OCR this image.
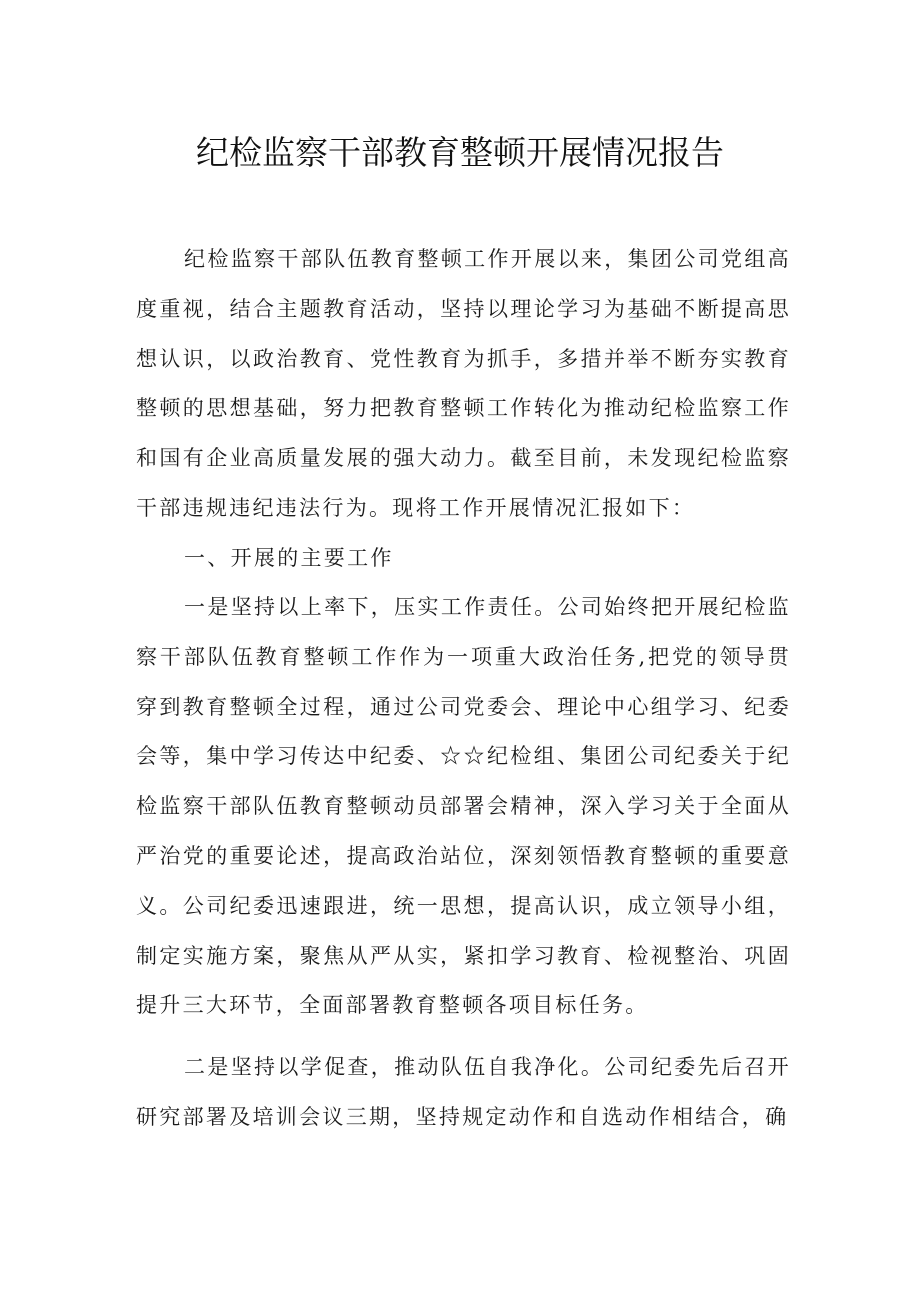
纪检监察干部教育整顿开展情况报告

纪检监察干部队伍教育整顿工作开展以来，集团公司党组高度重视，结合主题教育活动，坚持以理论学习为基础不断提高思想认识，以政治教育、党性教育为抓手，多措并举不断夯实教育整顿的思想基础，努力把教育整顿工作转化为推动纪检监察工作和国有企业高质量发展的强大动力。截至目前，未发现纪检监察干部违规违纪违法行为。现将工作开展情况汇报如下：

一、开展的主要工作

一是坚持以上率下，压实工作责任。公司始终把开展纪检监察干部队伍教育整顿工作作为一项重大政治任务,把党的领导贯穿到教育整顿全过程，通过公司党委会、理论中心组学习、纪委会等，集中学习传达中纪委、☆☆纪检组、集团公司纪委关于纪检监察干部队伍教育整顿动员部署会精神，深入学习关于全面从严治党的重要论述，提高政治站位，深刻领悟教育整顿的重要意义。公司纪委迅速跟进，统一思想，提高认识，成立领导小组，制定实施方案，聚焦从严从实，紧扣学习教育、检视整治、巩固提升三大环节，全面部署教育整顿各项目标任务。

二是坚持以学促查，推动队伍自我净化。公司纪委先后召开研究部署及培训会议三期，坚持规定动作和自选动作相结合，确
